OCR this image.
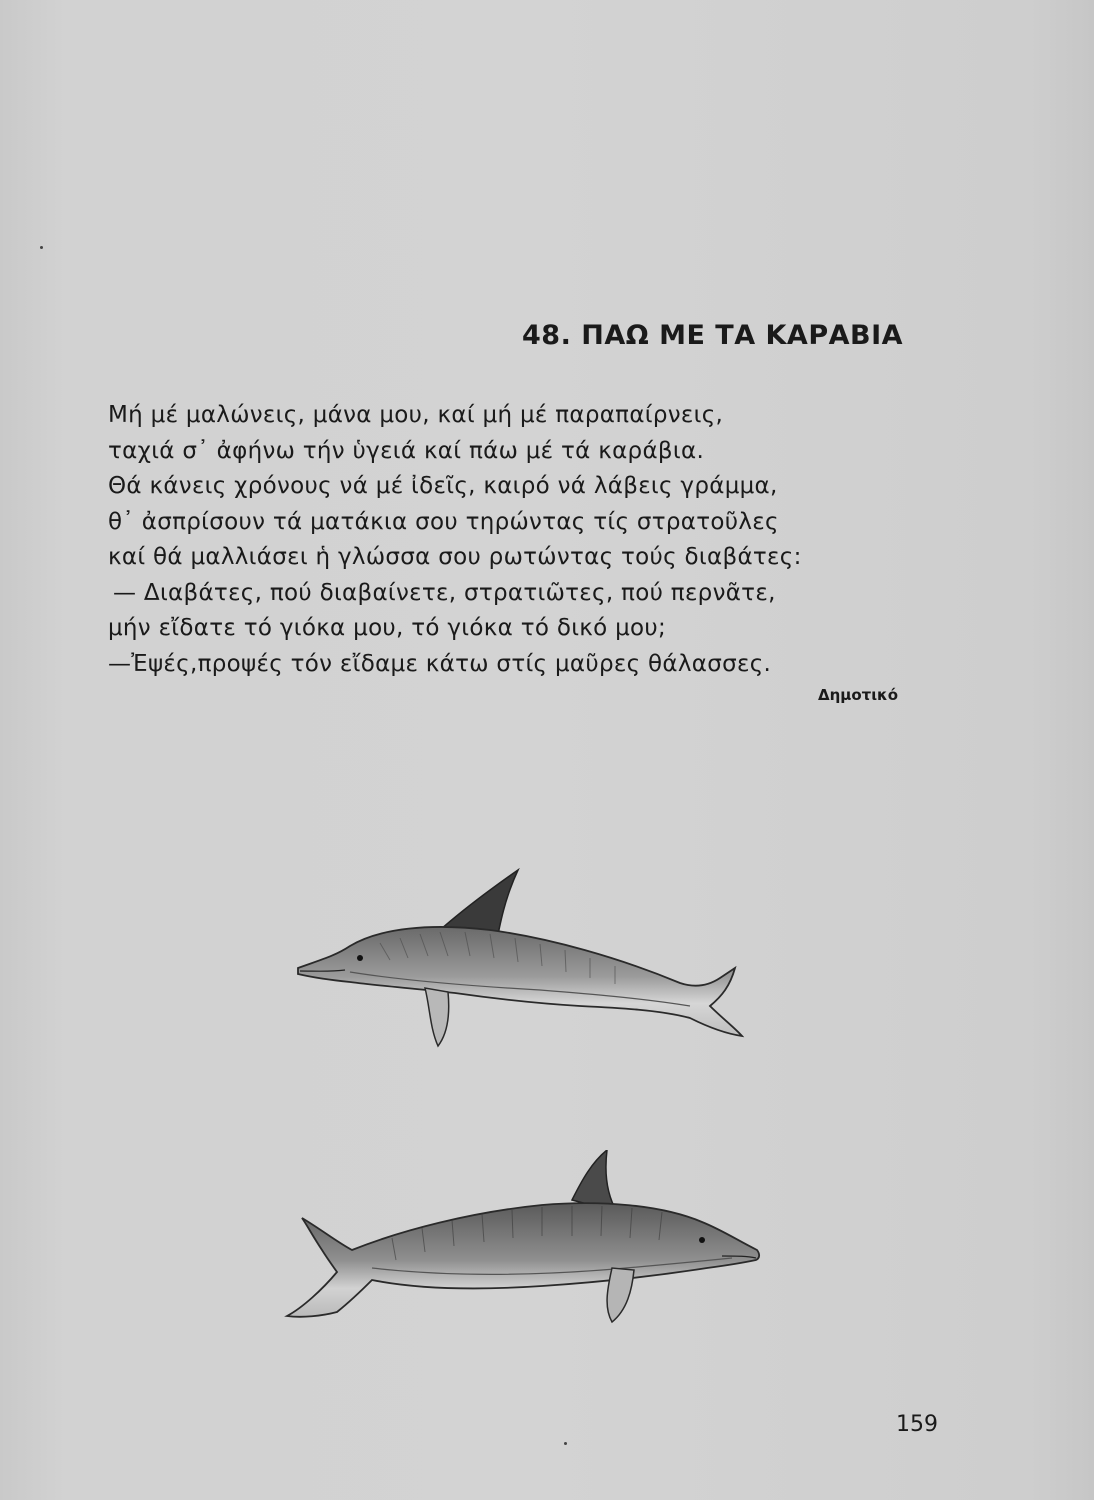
48. ΠΑΩ ΜΕ ΤΑ ΚΑΡΑΒΙΑ
Μή μέ μαλώνεις, μάνα μου, καί μή μέ παραπαίρνεις,
ταχιά σ᾽ ἀφήνω τήν ὑγειά καί πάω μέ τά καράβια.
Θά κάνεις χρόνους νά μέ ἰδεῖς, καιρό νά λάβεις γράμμα,
θ᾽ ἀσπρίσουν τά ματάκια σου τηρώντας τίς στρατοῦλες
καί θά μαλλιάσει ἡ γλώσσα σου ρωτώντας τούς διαβάτες:
— Διαβάτες, πού διαβαίνετε, στρατιῶτες, πού περνᾶτε,
μήν εἴδατε τό γιόκα μου, τό γιόκα τό δικό μου;
—Ἐψές,προψές τόν εἴδαμε κάτω στίς μαῦρες θάλασσες.
Δημοτικό
159
